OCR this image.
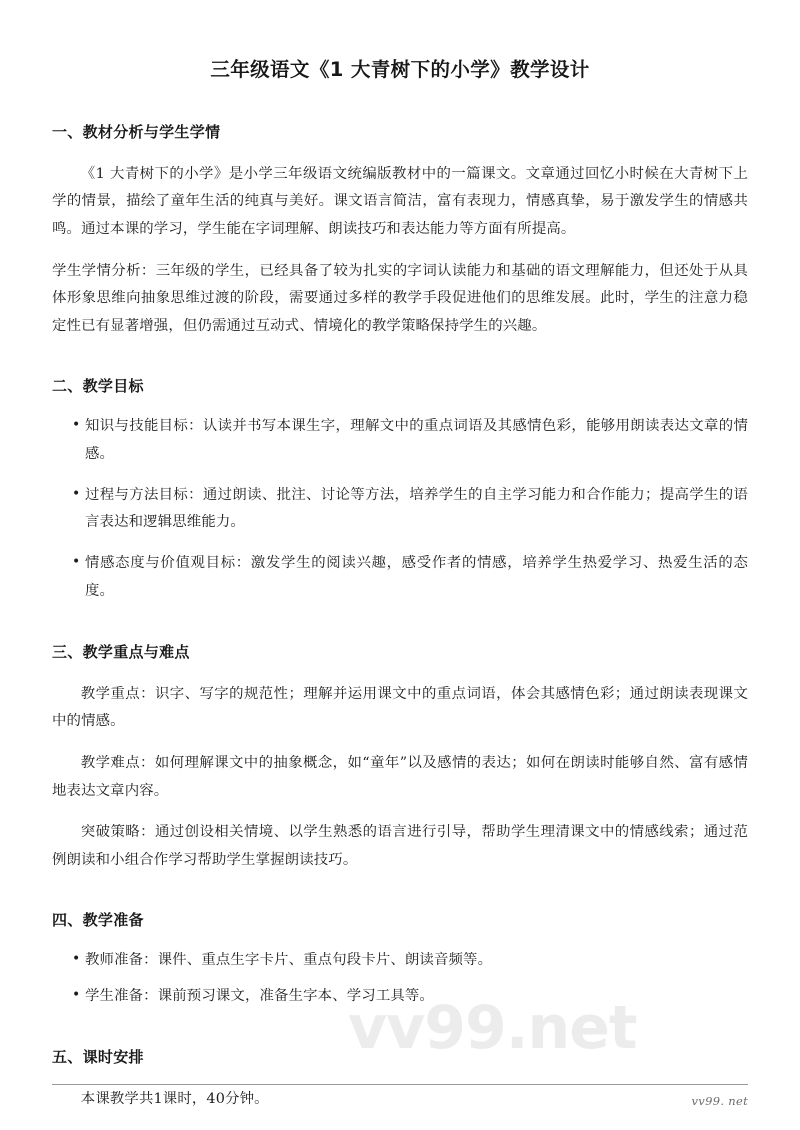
vv99.net
三年级语文《1 大青树下的小学》教学设计
一、教材分析与学生学情

《1 大青树下的小学》是小学三年级语文统编版教材中的一篇课文。文章通过回忆小时候在大青树下上学的情景，描绘了童年生活的纯真与美好。课文语言简洁，富有表现力，情感真挚，易于激发学生的情感共鸣。通过本课的学习，学生能在字词理解、朗读技巧和表达能力等方面有所提高。

学生学情分析：三年级的学生，已经具备了较为扎实的字词认读能力和基础的语文理解能力，但还处于从具体形象思维向抽象思维过渡的阶段，需要通过多样的教学手段促进他们的思维发展。此时，学生的注意力稳定性已有显著增强，但仍需通过互动式、情境化的教学策略保持学生的兴趣。

二、教学目标
• 知识与技能目标：认读并书写本课生字，理解文中的重点词语及其感情色彩，能够用朗读表达文章的情感。
• 过程与方法目标：通过朗读、批注、讨论等方法，培养学生的自主学习能力和合作能力；提高学生的语言表达和逻辑思维能力。
• 情感态度与价值观目标：激发学生的阅读兴趣，感受作者的情感，培养学生热爱学习、热爱生活的态度。
三、教学重点与难点

教学重点：识字、写字的规范性；理解并运用课文中的重点词语，体会其感情色彩；通过朗读表现课文中的情感。

教学难点：如何理解课文中的抽象概念，如“童年”以及感情的表达；如何在朗读时能够自然、富有感情地表达文章内容。

突破策略：通过创设相关情境、以学生熟悉的语言进行引导，帮助学生理清课文中的情感线索；通过范例朗读和小组合作学习帮助学生掌握朗读技巧。

四、教学准备
• 教师准备：课件、重点生字卡片、重点句段卡片、朗读音频等。
• 学生准备：课前预习课文，准备生字本、学习工具等。
五、课时安排

本课教学共1课时，40分钟。	vv99. net
